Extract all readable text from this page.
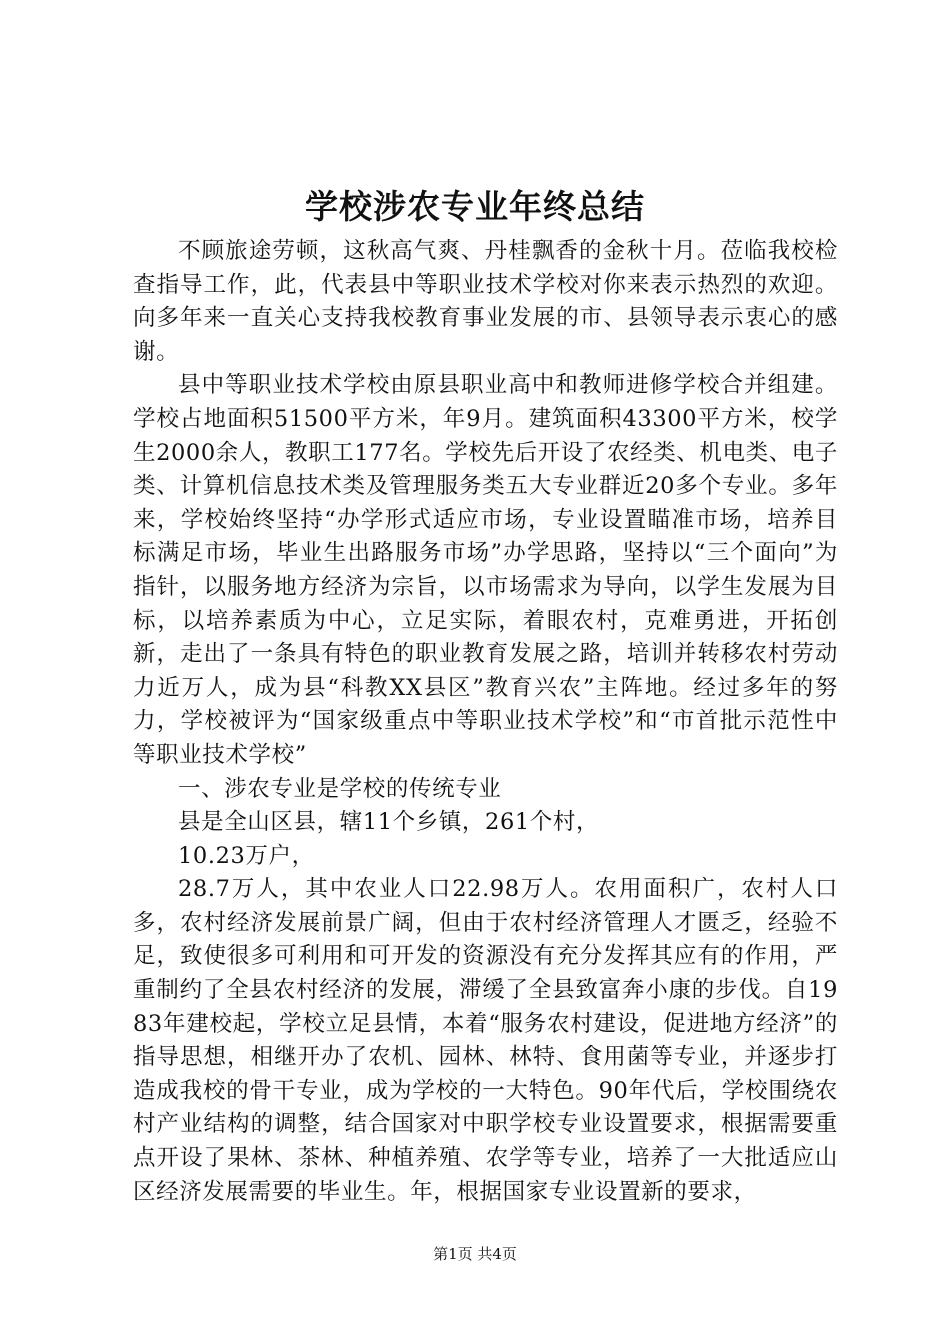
学校涉农专业年终总结

不顾旅途劳顿，这秋高气爽、丹桂飘香的金秋十月。莅临我校检查指导工作，此，代表县中等职业技术学校对你来表示热烈的欢迎。向多年来一直关心支持我校教育事业发展的市、县领导表示衷心的感谢。

县中等职业技术学校由原县职业高中和教师进修学校合并组建。学校占地面积51500平方米，年9月。建筑面积43300平方米，校学生2000余人，教职工177名。学校先后开设了农经类、机电类、电子类、计算机信息技术类及管理服务类五大专业群近20多个专业。多年来，学校始终坚持“办学形式适应市场，专业设置瞄准市场，培养目标满足市场，毕业生出路服务市场”办学思路，坚持以“三个面向”为指针，以服务地方经济为宗旨，以市场需求为导向，以学生发展为目标，以培养素质为中心，立足实际，着眼农村，克难勇进，开拓创新，走出了一条具有特色的职业教育发展之路，培训并转移农村劳动力近万人，成为县“科教XX县区”教育兴农”主阵地。经过多年的努力，学校被评为“国家级重点中等职业技术学校”和“市首批示范性中等职业技术学校”

一、涉农专业是学校的传统专业

县是全山区县，辖11个乡镇，261个村，

10.23万户，

28.7万人，其中农业人口22.98万人。农用面积广，农村人口多，农村经济发展前景广阔，但由于农村经济管理人才匮乏，经验不足，致使很多可利用和可开发的资源没有充分发挥其应有的作用，严重制约了全县农村经济的发展，滞缓了全县致富奔小康的步伐。自1983年建校起，学校立足县情，本着“服务农村建设，促进地方经济”的指导思想，相继开办了农机、园林、林特、食用菌等专业，并逐步打造成我校的骨干专业，成为学校的一大特色。90年代后，学校围绕农村产业结构的调整，结合国家对中职学校专业设置要求，根据需要重点开设了果林、茶林、种植养殖、农学等专业，培养了一大批适应山区经济发展需要的毕业生。年，根据国家专业设置新的要求，

第1页 共4页
